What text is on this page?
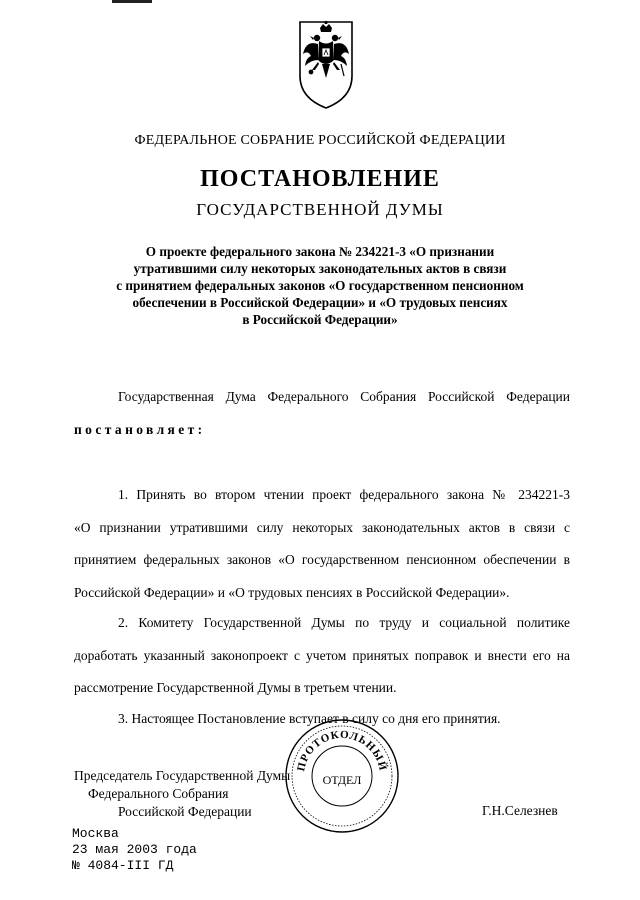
ФЕДЕРАЛЬНОЕ СОБРАНИЕ РОССИЙСКОЙ ФЕДЕРАЦИИ
ПОСТАНОВЛЕНИЕ
ГОСУДАРСТВЕННОЙ ДУМЫ
О проекте федерального закона № 234221-3 «О признании
утратившими силу некоторых законодательных актов в связи
с принятием федеральных законов «О государственном пенсионном
обеспечении в Российской Федерации» и «О трудовых пенсиях
в Российской Федерации»
Государственная Дума Федерального Собрания Российской Федерации
постановляет:
1. Принять во втором чтении проект федерального закона № 234221-3
«О признании утратившими силу некоторых законодательных актов в связи с
принятием федеральных законов «О государственном пенсионном обеспечении в
Российской Федерации» и «О трудовых пенсиях в Российской Федерации».
2. Комитету Государственной Думы по труду и социальной политике
доработать указанный законопроект с учетом принятых поправок и внести его на
рассмотрение Государственной Думы в третьем чтении.
3. Настоящее Постановление вступает в силу со дня его принятия.
Председатель Государственной Думы
Федерального Собрания
Российской Федерации	Г.Н.Селезнев
ПРОТОКОЛЬНЫЙ
ОТДЕЛ
Москва
23 мая 2003 года
№ 4084-III ГД
